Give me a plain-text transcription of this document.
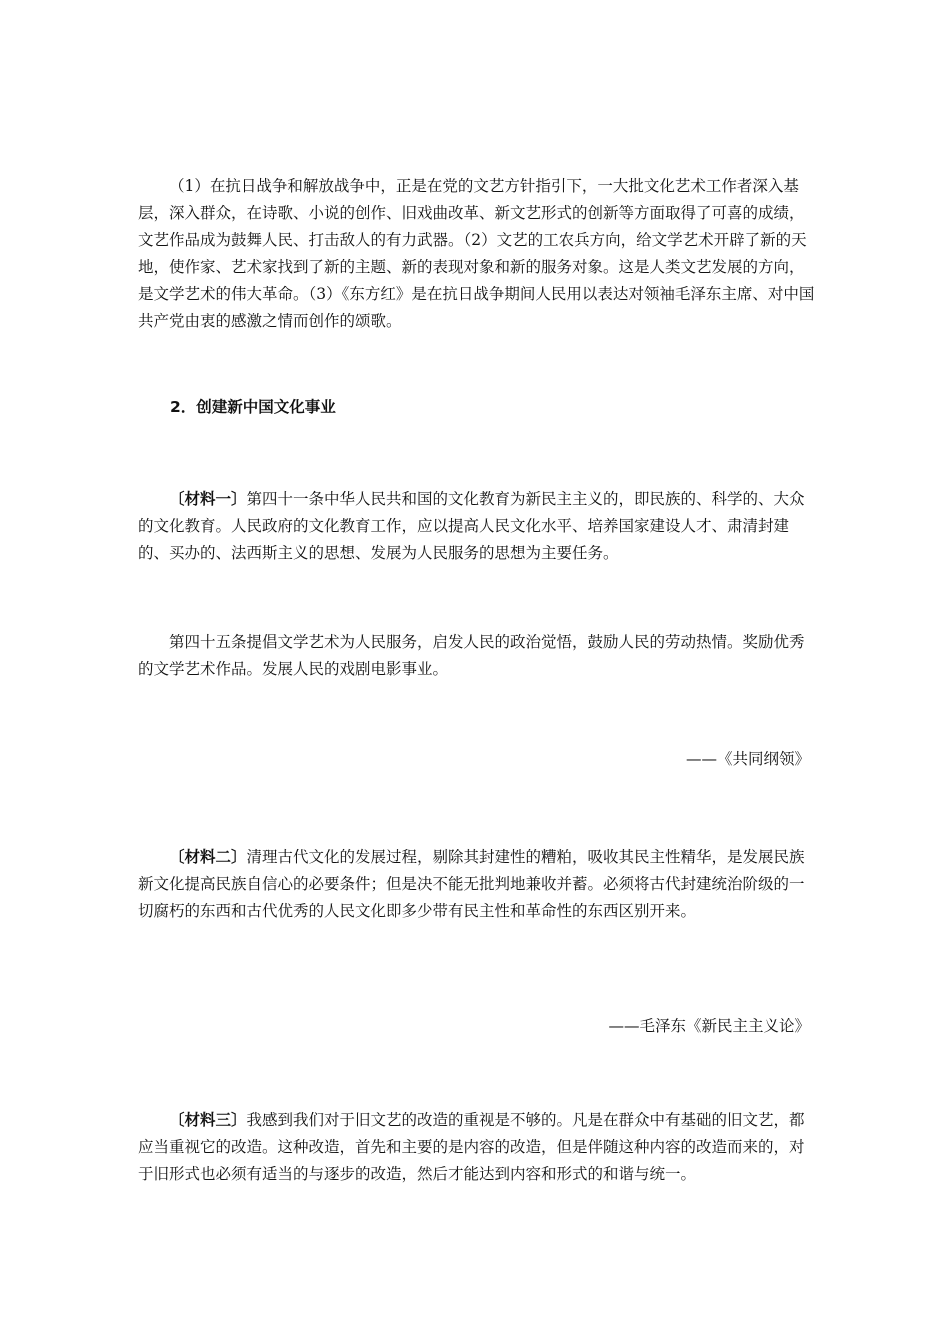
（1）在抗日战争和解放战争中，正是在党的文艺方针指引下，一大批文化艺术工作者深入基层，深入群众，在诗歌、小说的创作、旧戏曲改革、新文艺形式的创新等方面取得了可喜的成绩，文艺作品成为鼓舞人民、打击敌人的有力武器。（2）文艺的工农兵方向，给文学艺术开辟了新的天地，使作家、艺术家找到了新的主题、新的表现对象和新的服务对象。这是人类文艺发展的方向，是文学艺术的伟大革命。（3）《东方红》是在抗日战争期间人民用以表达对领袖毛泽东主席、对中国共产党由衷的感激之情而创作的颂歌。

2．创建新中国文化事业

〔材料一〕第四十一条中华人民共和国的文化教育为新民主主义的，即民族的、科学的、大众的文化教育。人民政府的文化教育工作，应以提高人民文化水平、培养国家建设人才、肃清封建的、买办的、法西斯主义的思想、发展为人民服务的思想为主要任务。

第四十五条提倡文学艺术为人民服务，启发人民的政治觉悟，鼓励人民的劳动热情。奖励优秀的文学艺术作品。发展人民的戏剧电影事业。

——《共同纲领》

〔材料二〕清理古代文化的发展过程，剔除其封建性的糟粕，吸收其民主性精华，是发展民族新文化提高民族自信心的必要条件；但是决不能无批判地兼收并蓄。必须将古代封建统治阶级的一切腐朽的东西和古代优秀的人民文化即多少带有民主性和革命性的东西区别开来。

——毛泽东《新民主主义论》

〔材料三〕我感到我们对于旧文艺的改造的重视是不够的。凡是在群众中有基础的旧文艺，都应当重视它的改造。这种改造，首先和主要的是内容的改造，但是伴随这种内容的改造而来的，对于旧形式也必须有适当的与逐步的改造，然后才能达到内容和形式的和谐与统一。
